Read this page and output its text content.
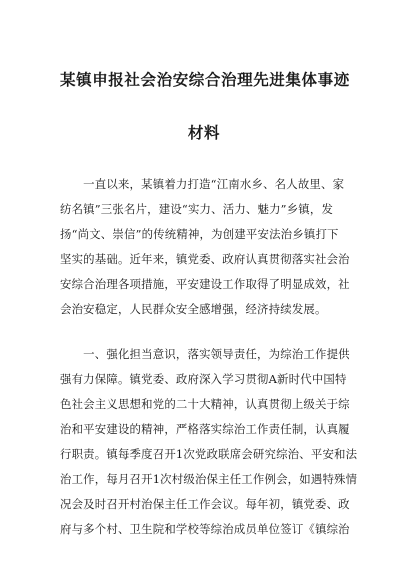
某镇申报社会治安综合治理先进集体事迹
材料
　　一直以来，某镇着力打造“江南水乡、名人故里、家
纺名镇”三张名片，建设“实力、活力、魅力”乡镇，发
扬“尚文、崇信”的传统精神，为创建平安法治乡镇打下
坚实的基础。近年来，镇党委、政府认真贯彻落实社会治
安综合治理各项措施，平安建设工作取得了明显成效，社
会治安稳定，人民群众安全感增强，经济持续发展。
　　一、强化担当意识，落实领导责任，为综治工作提供
强有力保障。镇党委、政府深入学习贯彻A新时代中国特
色社会主义思想和党的二十大精神，认真贯彻上级关于综
治和平安建设的精神，严格落实综治工作责任制，认真履
行职责。镇每季度召开1次党政联席会研究综治、平安和法
治工作，每月召开1次村级治保主任工作例会，如遇特殊情
况会及时召开村治保主任工作会议。每年初，镇党委、政
府与多个村、卫生院和学校等综治成员单位签订《镇综治
